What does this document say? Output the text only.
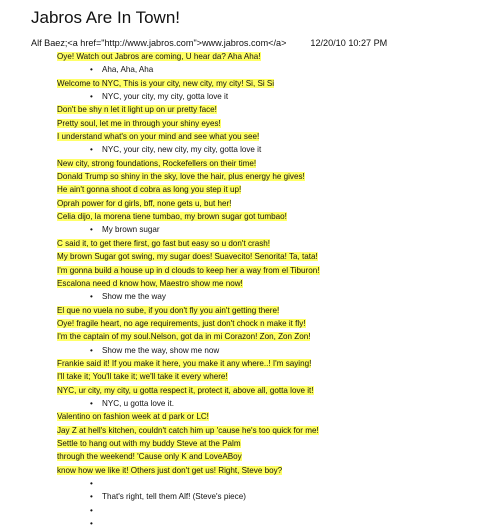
Jabros Are In Town!
Alf Baez;<a href="http://www.jabros.com">www.jabros.com</a>	12/20/10 10:27 PM
Oye! Watch out Jabros are coming, U hear da? Aha Aha!
• Aha, Aha, Aha
Welcome to NYC, This is your city, new city, my city! Si, Si Si
• NYC, your city, my city, gotta love it
Don't be shy n let it light up on ur pretty face!
Pretty soul, let me in through your shiny eyes!
I understand what's on your mind and see what you see!
• NYC, your city, new city, my city, gotta love it
New city, strong foundations, Rockefellers on their time!
Donald Trump so shiny in the sky, love the hair, plus energy he gives!
He ain't gonna shoot d cobra as long you step it up!
Oprah power for d girls, bff, none gets u, but her!
Celia dijo, la morena tiene tumbao, my brown sugar got tumbao!
• My brown sugar
C said it, to get there first, go fast but easy so u don't crash!
My brown Sugar got swing, my sugar does! Suavecito! Senorita! Ta, tata!
I'm gonna build a house up in d clouds to keep her a way from el Tiburon!
Escalona need d know how, Maestro show me now!
• Show me the way
El que no vuela no sube, if you don't fly you ain't getting there!
Oye! fragile heart, no age requirements, just don't chock n make it fly!
I'm the captain of my soul.Nelson, got da in mi Corazon! Zon, Zon Zon!
• Show me the way, show me now
Frankie said it! If you make it here, you make it any where..! I'm saying!
I'll take it; You'll take it; we'll take it every where!
NYC, ur city, my city, u gotta respect it, protect it, above all, gotta love it!
• NYC, u gotta love it.
Valentino on fashion week at d park or LC!
Jay Z at hell's kitchen, couldn't catch him up 'cause he's too quick for me!
Settle to hang out with my buddy Steve at the Palm
through the weekend! 'Cause only K and LoveABoy
know how we like it! Others just don't get us! Right, Steve boy?
•
• That's right, tell them Alf! (Steve's piece)
•
•
